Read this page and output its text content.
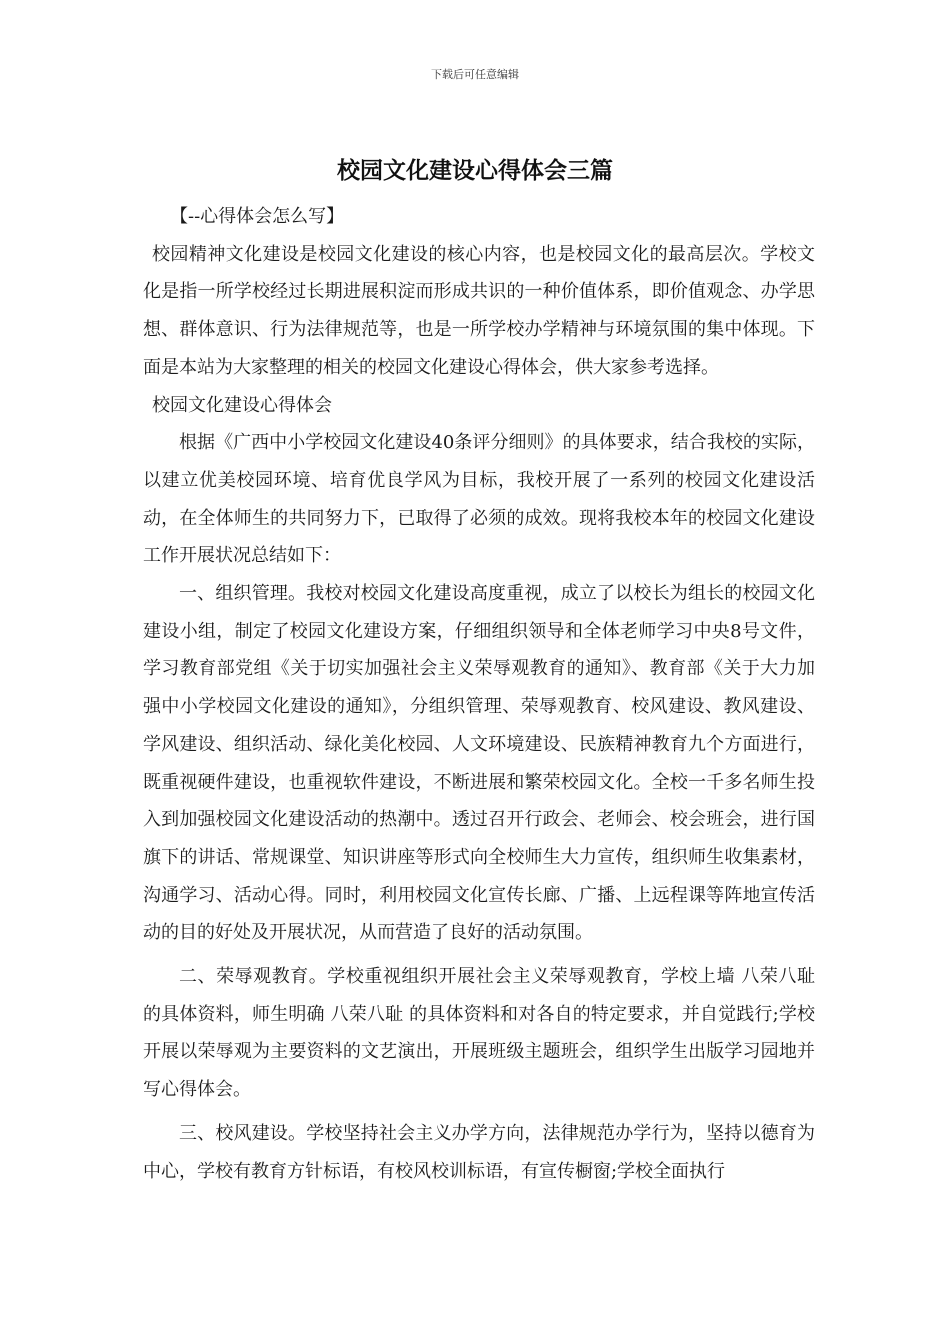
下载后可任意编辑
校园文化建设心得体会三篇

【--心得体会怎么写】

校园精神文化建设是校园文化建设的核心内容，也是校园文化的最高层次。学校文化是指一所学校经过长期进展积淀而形成共识的一种价值体系，即价值观念、办学思想、群体意识、行为法律规范等，也是一所学校办学精神与环境氛围的集中体现。下面是本站为大家整理的相关的校园文化建设心得体会，供大家参考选择。

校园文化建设心得体会

根据《广西中小学校园文化建设40条评分细则》的具体要求，结合我校的实际，以建立优美校园环境、培育优良学风为目标，我校开展了一系列的校园文化建设活动，在全体师生的共同努力下，已取得了必须的成效。现将我校本年的校园文化建设工作开展状况总结如下：

一、组织管理。我校对校园文化建设高度重视，成立了以校长为组长的校园文化建设小组，制定了校园文化建设方案，仔细组织领导和全体老师学习中央8号文件，学习教育部党组《关于切实加强社会主义荣辱观教育的通知》、教育部《关于大力加强中小学校园文化建设的通知》，分组织管理、荣辱观教育、校风建设、教风建设、学风建设、组织活动、绿化美化校园、人文环境建设、民族精神教育九个方面进行，既重视硬件建设，也重视软件建设，不断进展和繁荣校园文化。全校一千多名师生投入到加强校园文化建设活动的热潮中。透过召开行政会、老师会、校会班会，进行国旗下的讲话、常规课堂、知识讲座等形式向全校师生大力宣传，组织师生收集素材，沟通学习、活动心得。同时，利用校园文化宣传长廊、广播、上远程课等阵地宣传活动的目的好处及开展状况，从而营造了良好的活动氛围。

二、荣辱观教育。学校重视组织开展社会主义荣辱观教育，学校上墙 八荣八耻 的具体资料，师生明确 八荣八耻 的具体资料和对各自的特定要求，并自觉践行;学校开展以荣辱观为主要资料的文艺演出，开展班级主题班会，组织学生出版学习园地并写心得体会。

三、校风建设。学校坚持社会主义办学方向，法律规范办学行为，坚持以德育为中心，学校有教育方针标语，有校风校训标语，有宣传橱窗;学校全面执行
